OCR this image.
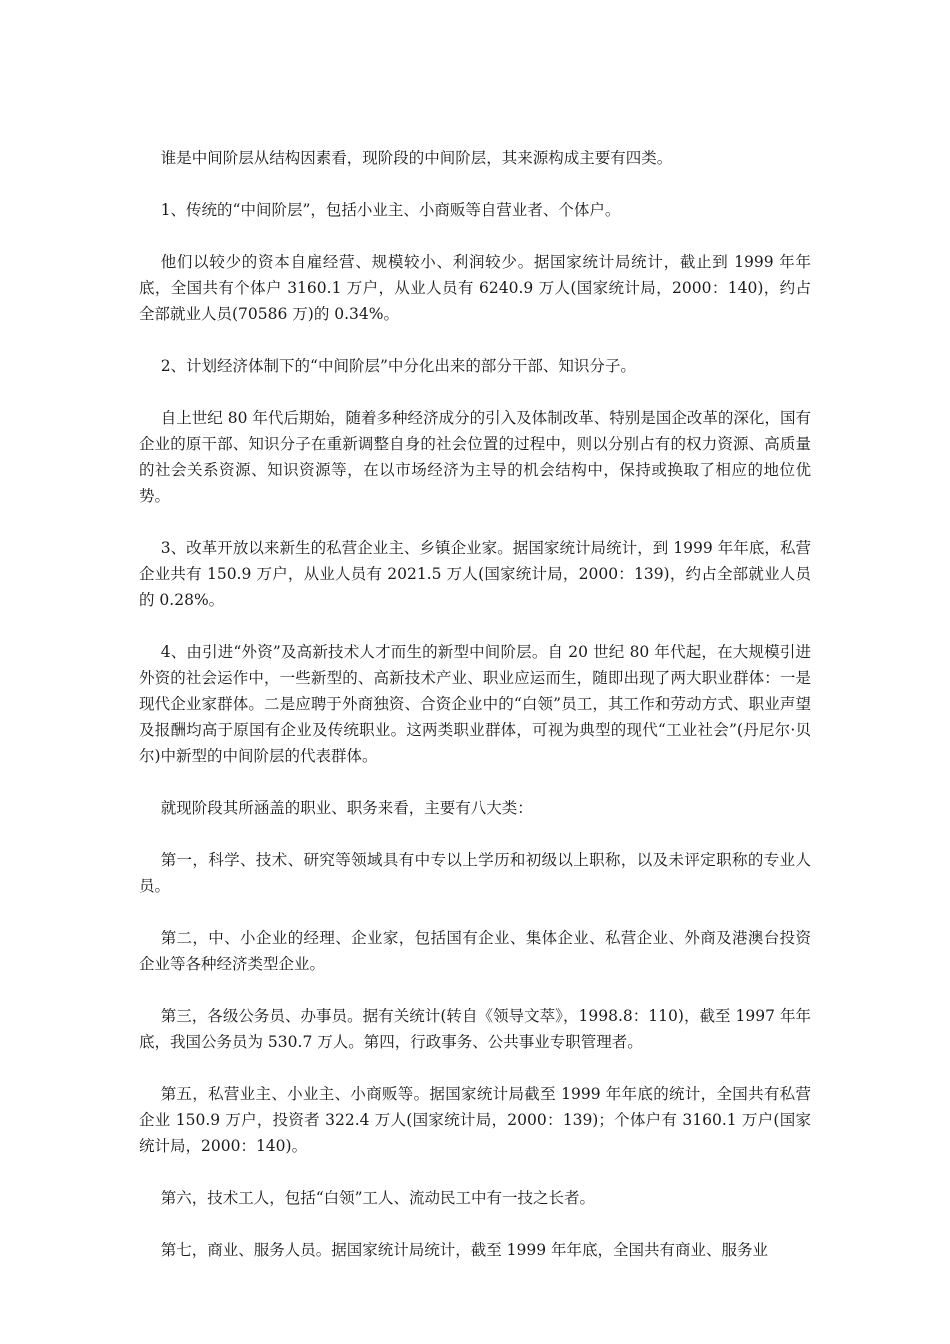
谁是中间阶层从结构因素看，现阶段的中间阶层，其来源构成主要有四类。

1、传统的“中间阶层”，包括小业主、小商贩等自营业者、个体户。

他们以较少的资本自雇经营、规模较小、利润较少。据国家统计局统计，截止到 1999 年年底，全国共有个体户 3160.1 万户，从业人员有 6240.9 万人(国家统计局，2000：140)，约占全部就业人员(70586 万)的 0.34%。

2、计划经济体制下的“中间阶层”中分化出来的部分干部、知识分子。

自上世纪 80 年代后期始，随着多种经济成分的引入及体制改革、特别是国企改革的深化，国有企业的原干部、知识分子在重新调整自身的社会位置的过程中，则以分别占有的权力资源、高质量的社会关系资源、知识资源等，在以市场经济为主导的机会结构中，保持或换取了相应的地位优势。

3、改革开放以来新生的私营企业主、乡镇企业家。据国家统计局统计，到 1999 年年底，私营企业共有 150.9 万户，从业人员有 2021.5 万人(国家统计局，2000：139)，约占全部就业人员的 0.28%。

4、由引进“外资”及高新技术人才而生的新型中间阶层。自 20 世纪 80 年代起，在大规模引进外资的社会运作中，一些新型的、高新技术产业、职业应运而生，随即出现了两大职业群体：一是现代企业家群体。二是应聘于外商独资、合资企业中的“白领”员工，其工作和劳动方式、职业声望及报酬均高于原国有企业及传统职业。这两类职业群体，可视为典型的现代“工业社会”(丹尼尔·贝尔)中新型的中间阶层的代表群体。

就现阶段其所涵盖的职业、职务来看，主要有八大类：

第一，科学、技术、研究等领域具有中专以上学历和初级以上职称，以及未评定职称的专业人员。

第二，中、小企业的经理、企业家，包括国有企业、集体企业、私营企业、外商及港澳台投资企业等各种经济类型企业。

第三，各级公务员、办事员。据有关统计(转自《领导文萃》，1998.8：110)，截至 1997 年年底，我国公务员为 530.7 万人。第四，行政事务、公共事业专职管理者。

第五，私营业主、小业主、小商贩等。据国家统计局截至 1999 年年底的统计，全国共有私营企业 150.9 万户，投资者 322.4 万人(国家统计局，2000：139)；个体户有 3160.1 万户(国家统计局，2000：140)。

第六，技术工人，包括“白领”工人、流动民工中有一技之长者。

第七，商业、服务人员。据国家统计局统计，截至 1999 年年底，全国共有商业、服务业
